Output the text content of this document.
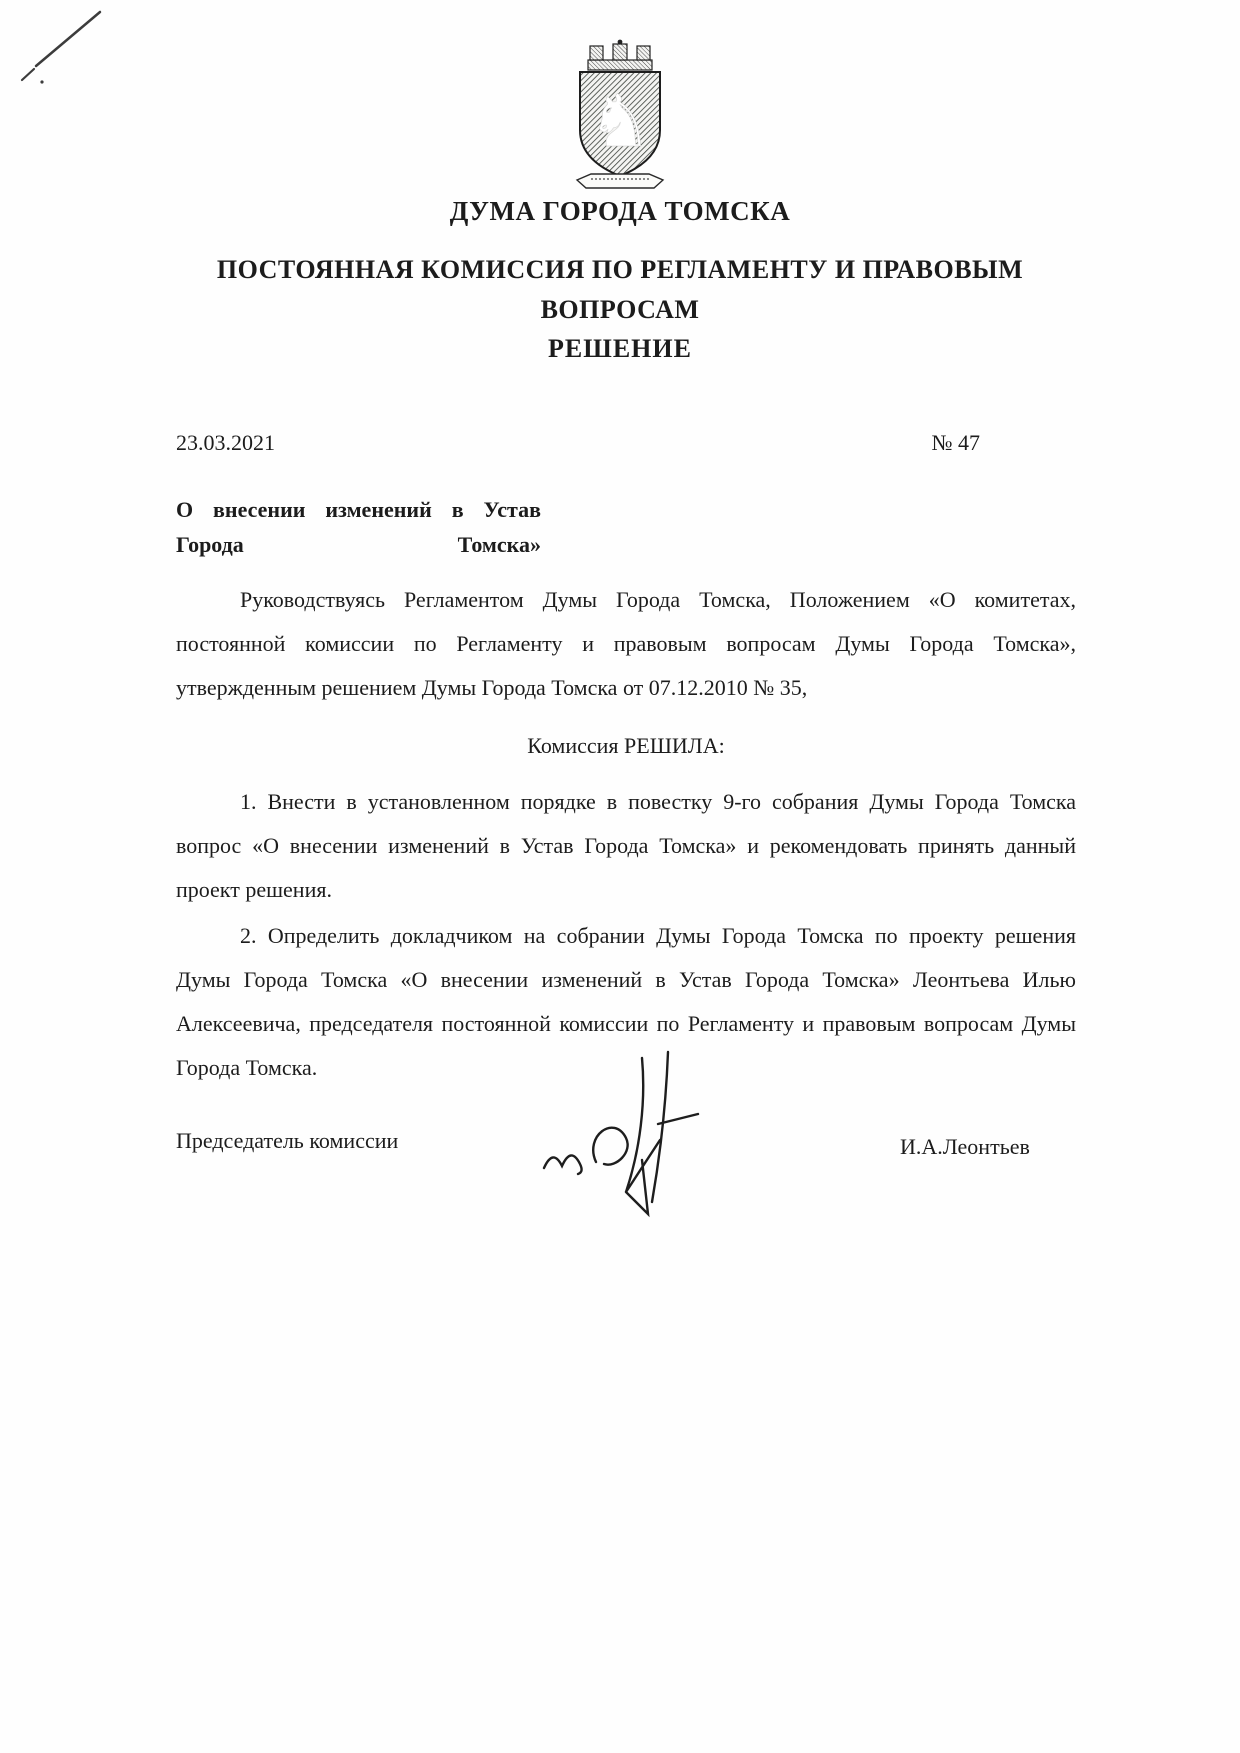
♞
ДУМА ГОРОДА ТОМСКА
ПОСТОЯННАЯ КОМИССИЯ ПО РЕГЛАМЕНТУ И ПРАВОВЫМ ВОПРОСАМ
РЕШЕНИЕ
23.03.2021	№ 47
О внесении изменений в Устав Города Томска»

Руководствуясь Регламентом Думы Города Томска, Положением «О комитетах, постоянной комиссии по Регламенту и правовым вопросам Думы Города Томска», утвержденным решением Думы Города Томска от 07.12.2010 № 35,

Комиссия РЕШИЛА:

1. Внести в установленном порядке в повестку 9-го собрания Думы Города Томска вопрос «О внесении изменений в Устав Города Томска» и рекомендовать принять данный проект решения.

2. Определить докладчиком на собрании Думы Города Томска по проекту решения Думы Города Томска «О внесении изменений в Устав Города Томска» Леонтьева Илью Алексеевича, председателя постоянной комиссии по Регламенту и правовым вопросам Думы Города Томска.

Председатель комиссии	И.А.Леонтьев
